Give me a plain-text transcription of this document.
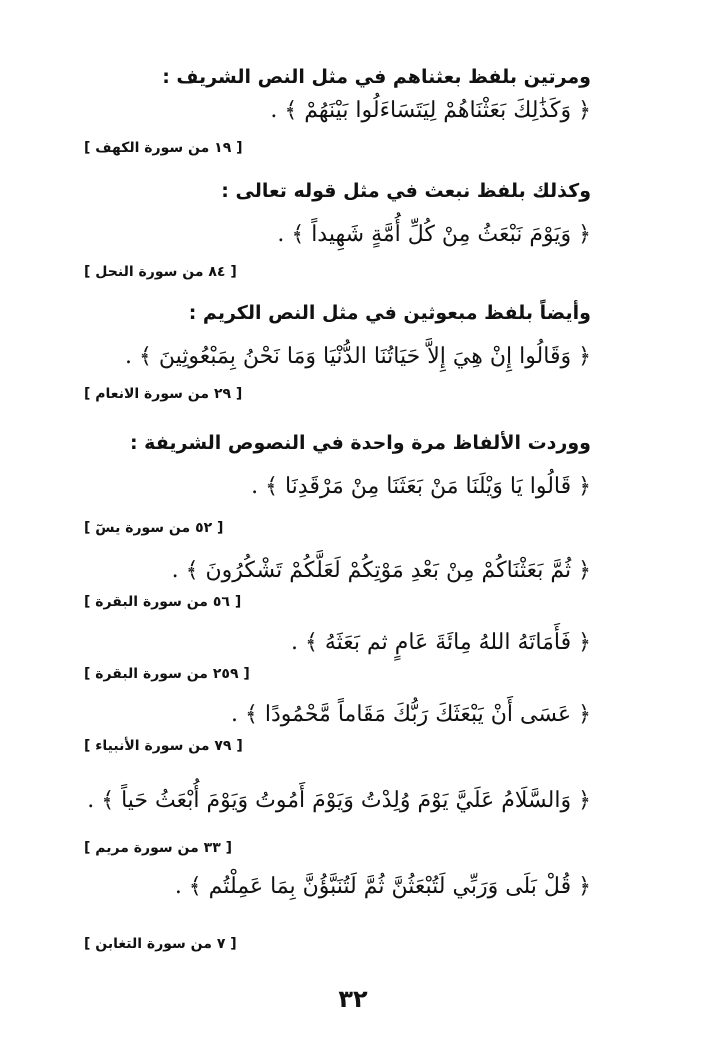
ومرتين بلفظ بعثناهم في مثل النص الشريف :
﴿ وَكَذَٰلِكَ بَعَثْنَاهُمْ لِيَتَسَاءَلُوا بَيْنَهُمْ ﴾ .
[ ١٩ من سورة الكهف ]
وكذلك بلفظ نبعث في مثل قوله تعالى :
﴿ وَيَوْمَ نَبْعَثُ مِنْ كُلِّ أُمَّةٍ شَهِيداً ﴾ .
[ ٨٤ من سورة النحل ]
وأيضاً بلفظ مبعوثين في مثل النص الكريم :
﴿ وَقَالُوا إِنْ هِيَ إِلاَّ حَيَاتُنَا الدُّنْيَا وَمَا نَحْنُ بِمَبْعُوثِينَ ﴾ .
[ ٢٩ من سورة الانعام ]
ووردت الألفاظ مرة واحدة في النصوص الشريفة :
﴿ قَالُوا يَا وَيْلَنَا مَنْ بَعَثَنَا مِنْ مَرْقَدِنَا ﴾ .
[ ٥٢ من سورة يسٓ ]
﴿ ثُمَّ بَعَثْنَاكُمْ مِنْ بَعْدِ مَوْتِكُمْ لَعَلَّكُمْ تَشْكُرُونَ ﴾ .
[ ٥٦ من سورة البقرة ]
﴿ فَأَمَاتَهُ اللهُ مِائَةَ عَامٍ ثم بَعَثَهُ ﴾ .
[ ٢٥٩ من سورة البقرة ]
﴿ عَسَى أَنْ يَبْعَثَكَ رَبُّكَ مَقَاماً مَّحْمُودًا ﴾ .
[ ٧٩ من سورة الأنبياء ]
﴿ وَالسَّلَامُ عَلَيَّ يَوْمَ وُلِدْتُ وَيَوْمَ أَمُوتُ وَيَوْمَ أُبْعَثُ حَياً ﴾ .
[ ٣٣ من سورة مريم ]
﴿ قُلْ بَلَى وَرَبِّي لَتُبْعَثُنَّ ثُمَّ لَتُنَبَّؤُنَّ بِمَا عَمِلْتُم ﴾ .
[ ٧ من سورة التغابن ]
٣٢
